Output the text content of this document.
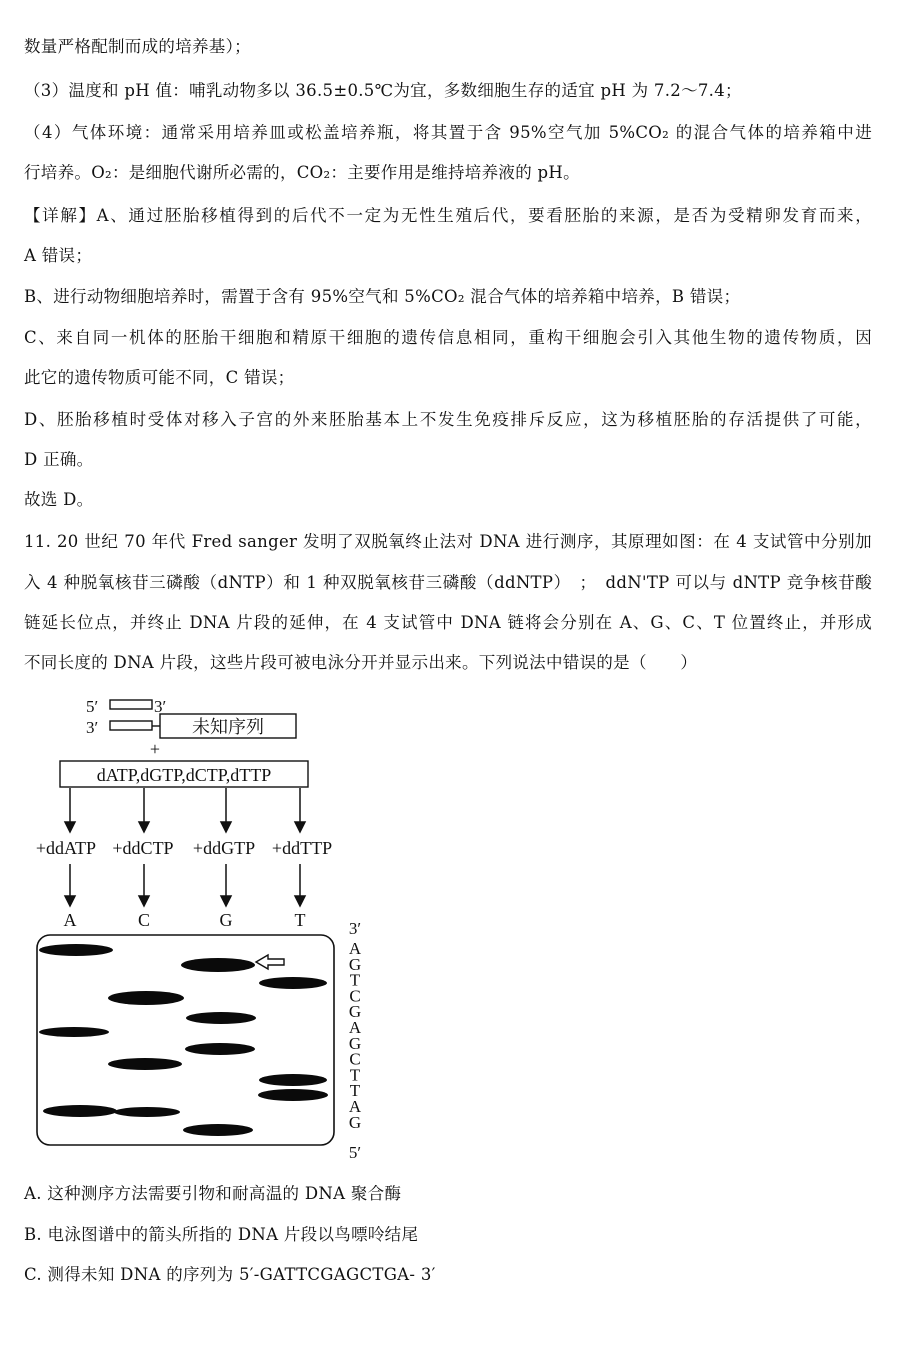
数量严格配制而成的培养基）；
（3）温度和 pH 值：哺乳动物多以 36.5±0.5℃为宜，多数细胞生存的适宜 pH 为 7.2～7.4；
（4）气体环境：通常采用培养皿或松盖培养瓶，将其置于含 95%空气加 5%CO₂ 的混合气体的培养箱中进
行培养。O₂：是细胞代谢所必需的，CO₂：主要作用是维持培养液的 pH。
【详解】A、通过胚胎移植得到的后代不一定为无性生殖后代，要看胚胎的来源，是否为受精卵发育而来，
A 错误；
B、进行动物细胞培养时，需置于含有 95%空气和 5%CO₂ 混合气体的培养箱中培养，B 错误；
C、来自同一机体的胚胎干细胞和精原干细胞的遗传信息相同，重构干细胞会引入其他生物的遗传物质，因
此它的遗传物质可能不同，C 错误；
D、胚胎移植时受体对移入子宫的外来胚胎基本上不发生免疫排斥反应，这为移植胚胎的存活提供了可能，
D 正确。
故选 D。
11. 20 世纪 70 年代 Fred sanger 发明了双脱氧终止法对 DNA 进行测序，其原理如图：在 4 支试管中分别加
入 4 种脱氧核苷三磷酸（dNTP）和 1 种双脱氧核苷三磷酸（ddNTP）　；　ddN'TP 可以与 dNTP 竞争核苷酸
链延长位点，并终止 DNA 片段的延伸，在 4 支试管中 DNA 链将会分别在 A、G、C、T 位置终止，并形成
不同长度的 DNA 片段，这些片段可被电泳分开并显示出来。下列说法中错误的是（　　）
5′	3′
3′	未知序列
+
dATP,dGTP,dCTP,dTTP
+ddATP +ddCTP +ddGTP +ddTTP
A	C	G	T	3′
A
G
T
C
G
A
G
C
T
T
A
G
5′
A. 这种测序方法需要引物和耐高温的 DNA 聚合酶
B. 电泳图谱中的箭头所指的 DNA 片段以鸟嘌呤结尾
C. 测得未知 DNA 的序列为 5′-GATTCGAGCTGA- 3′
